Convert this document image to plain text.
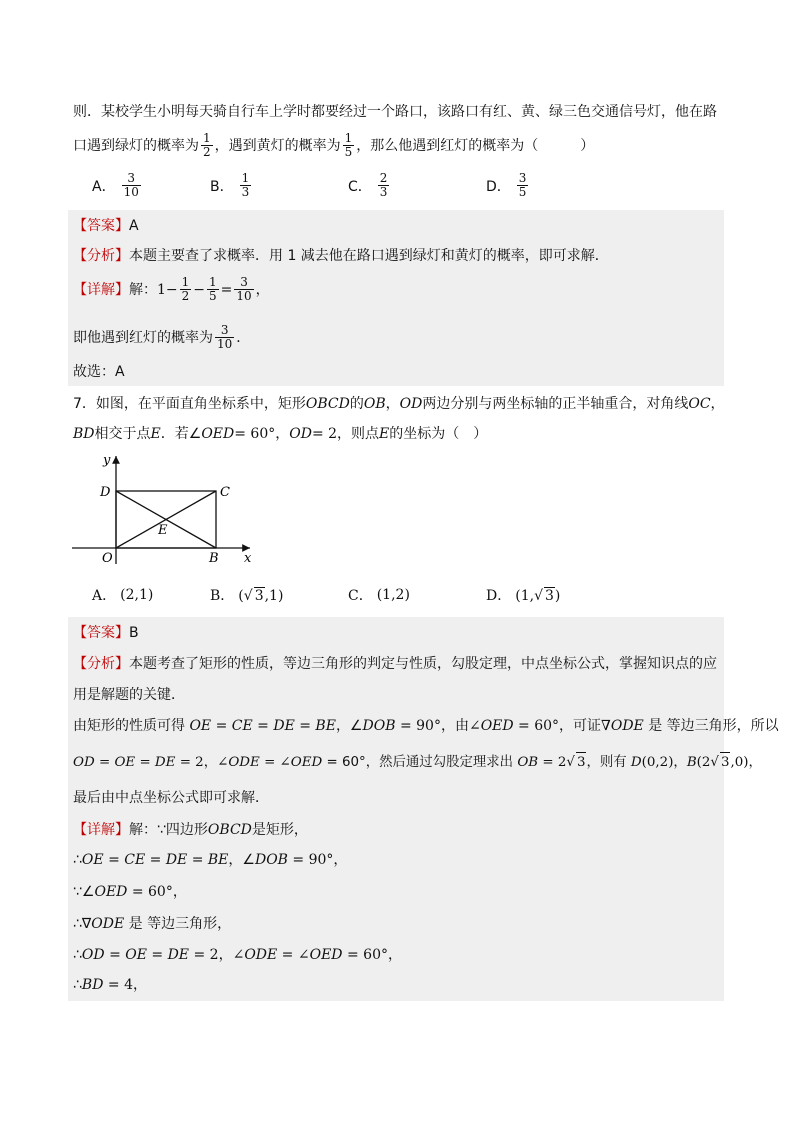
则．某校学生小明每天骑自行车上学时都要经过一个路口，该路口有红、黄、绿三色交通信号灯，他在路
口遇到绿灯的概率为 $\frac{1}{2}$ ，遇到黄灯的概率为 $\frac{1}{5}$ ，那么他遇到红灯的概率为（　　　）
A． $\frac{3}{10}$	B． $\frac{1}{3}$	C． $\frac{2}{3}$	D． $\frac{3}{5}$
【答案】A
【分析】本题主要查了求概率．用 1 减去他在路口遇到绿灯和黄灯的概率，即可求解．
【详解】 解： $1- \frac{1}{2} - \frac{1}{5} = \frac{3}{10}$ ，
即他遇到红灯的概率为 $\frac{3}{10}$ ．
故选：A
7．如图，在平面直角坐标系中，矩形OBCD的OB，OD两边分别与两坐标轴的正半轴重合，对角线OC，
BD相交于点E．若∠OED= 60°，OD= 2，则点E的坐标为（　）
y
x
D	C
E
O	B
A． (2,1)	B． (√ 3,1)	C． (1,2)	D． (1,√ 3)
【答案】B
【分析】本题考查了矩形的性质，等边三角形的判定与性质，勾股定理，中点坐标公式，掌握知识点的应
用是解题的关键．
由矩形的性质可得 OE = CE = DE = BE，∠DOB = 90°，由∠OED = 60°，可证∇ODE 是 等边三角形，所以
OD = OE = DE = 2，∠ODE = ∠OED = 60°，然后通过勾股定理求出 OB = 2√ 3，则有 D(0,2)，B(2√ 3,0)，
最后由中点坐标公式即可求解．
【详解】解：∵四边形OBCD是矩形，
∴OE = CE = DE = BE，∠DOB = 90°，
∵∠OED = 60°，
∴∇ODE 是 等边三角形，
∴OD = OE = DE = 2，∠ODE = ∠OED = 60°，
∴BD = 4，
